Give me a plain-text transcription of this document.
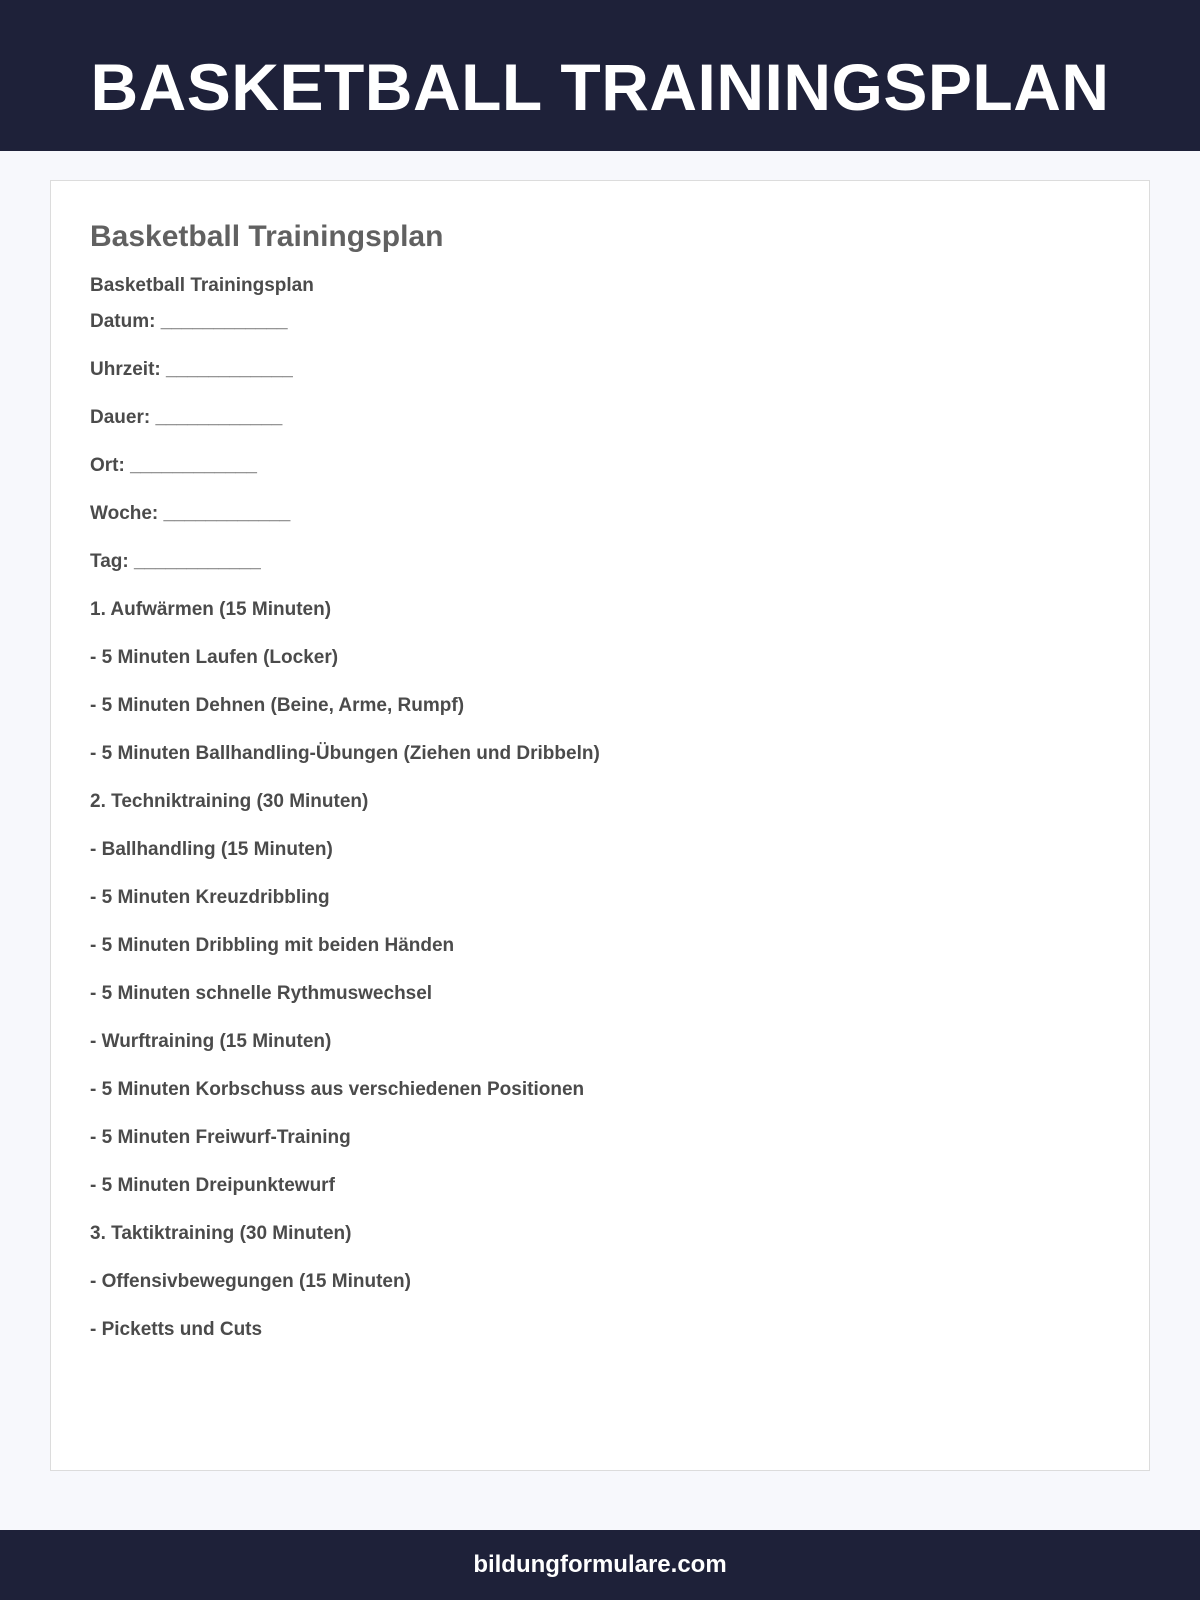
BASKETBALL TRAININGSPLAN
Basketball Trainingsplan
Basketball Trainingsplan
Datum: ____________
Uhrzeit: ____________
Dauer: ____________
Ort: ____________
Woche: ____________
Tag: ____________
1. Aufwärmen (15 Minuten)
- 5 Minuten Laufen (Locker)
- 5 Minuten Dehnen (Beine, Arme, Rumpf)
- 5 Minuten Ballhandling-Übungen (Ziehen und Dribbeln)
2. Techniktraining (30 Minuten)
- Ballhandling (15 Minuten)
- 5 Minuten Kreuzdribbling
- 5 Minuten Dribbling mit beiden Händen
- 5 Minuten schnelle Rythmuswechsel
- Wurftraining (15 Minuten)
- 5 Minuten Korbschuss aus verschiedenen Positionen
- 5 Minuten Freiwurf-Training
- 5 Minuten Dreipunktewurf
3. Taktiktraining (30 Minuten)
- Offensivbewegungen (15 Minuten)
- Picketts und Cuts
bildungformulare.com
